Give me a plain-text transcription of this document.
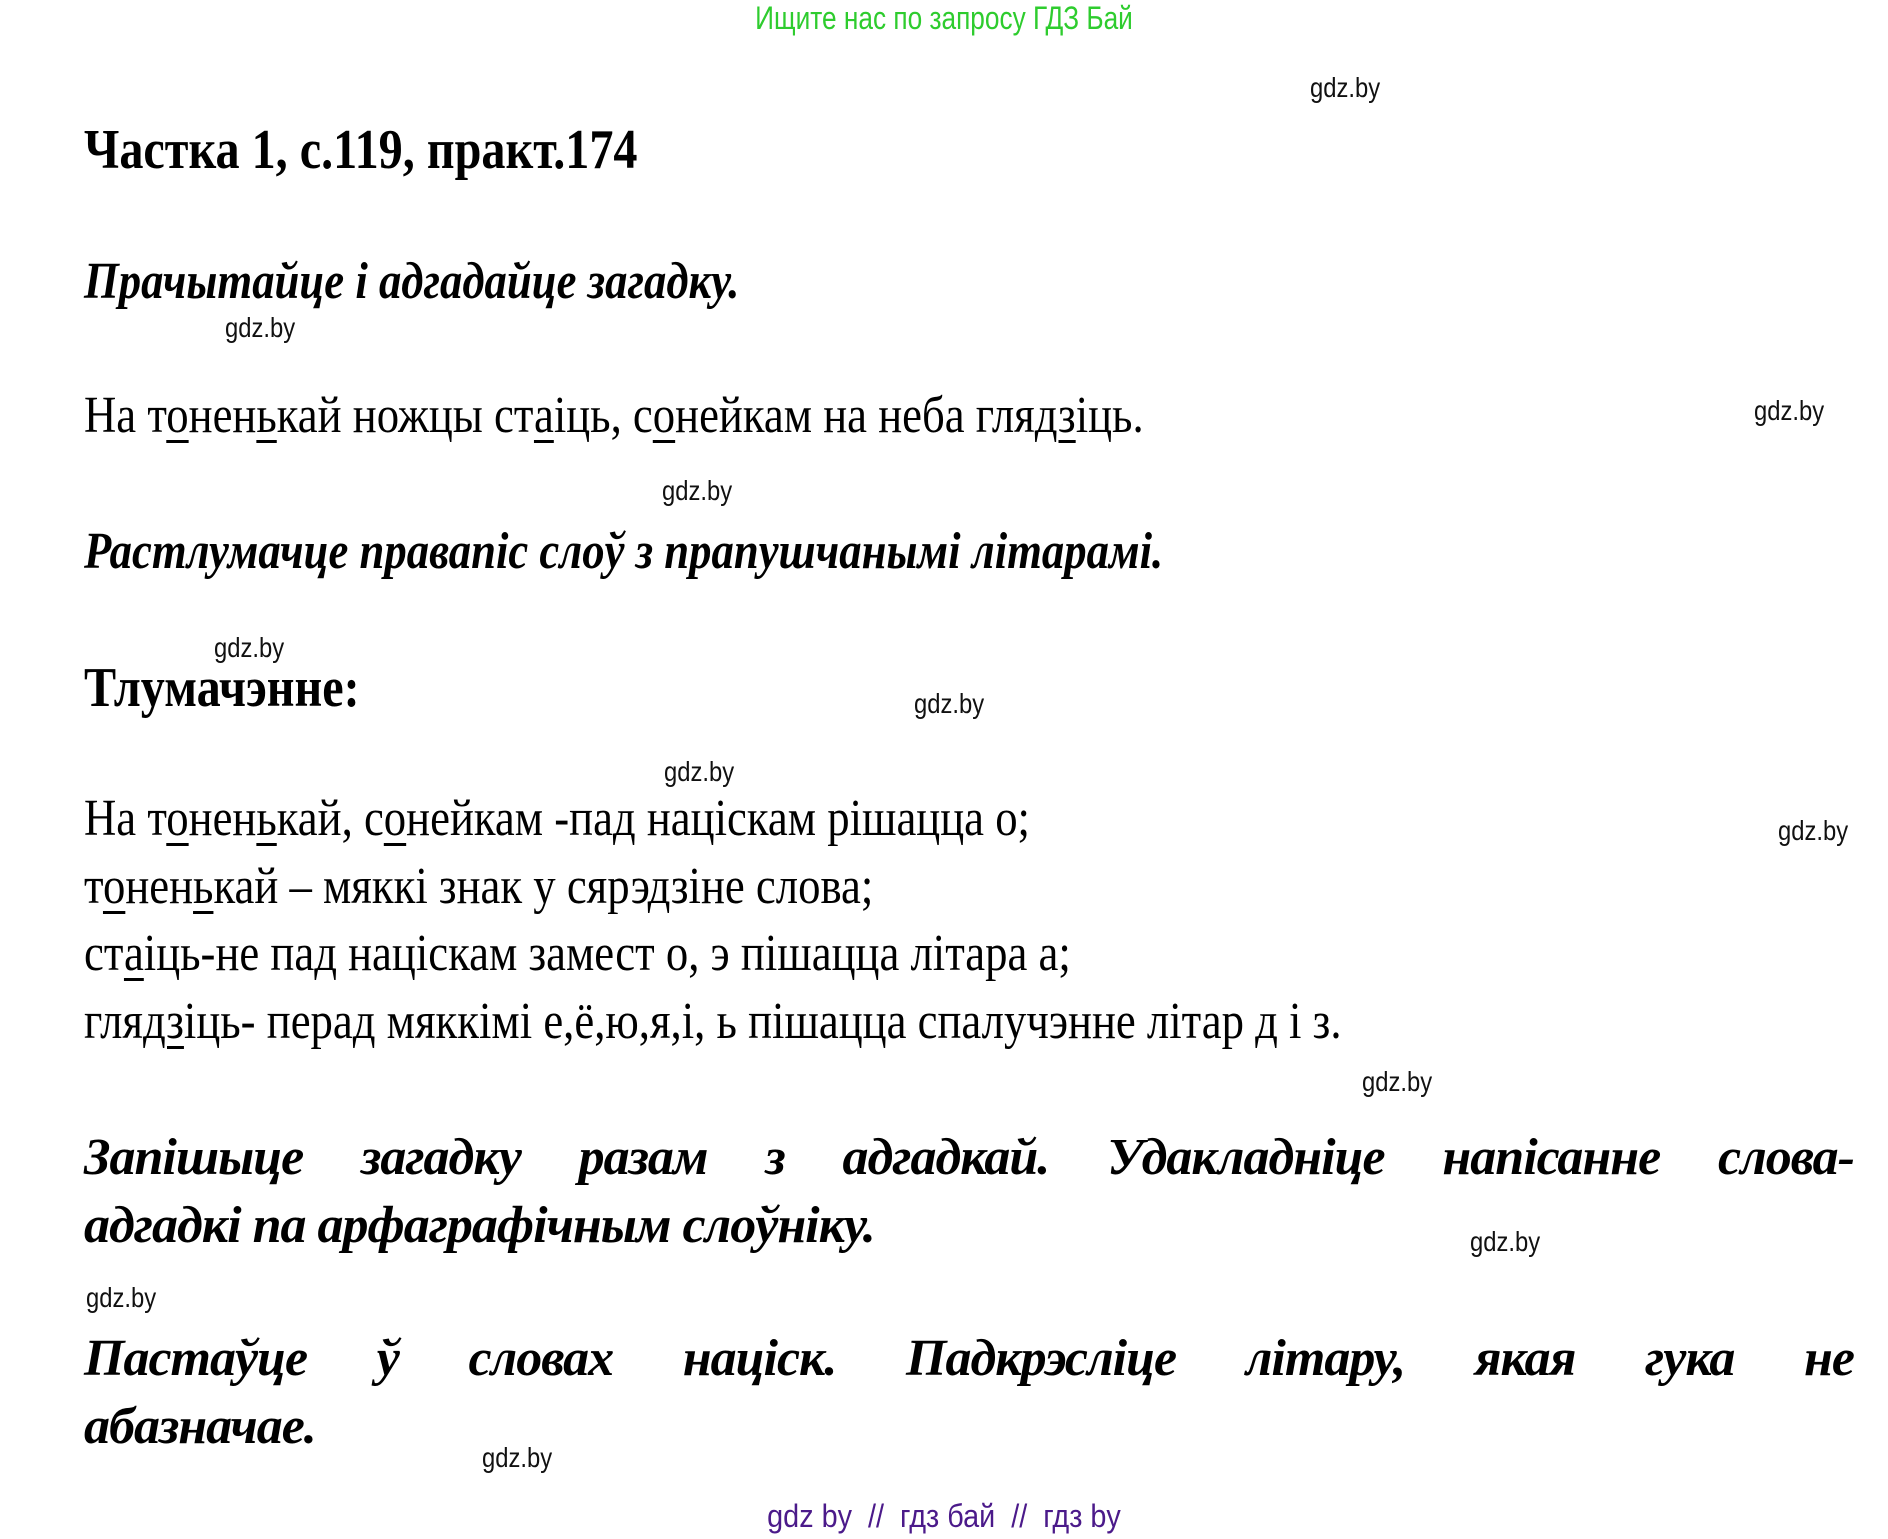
Ищите нас по запросу ГДЗ Бай
gdz.by
gdz.by
gdz.by
gdz.by
gdz.by
gdz.by
gdz.by
gdz.by
gdz.by
gdz.by
gdz.by
gdz.by
Частка 1, с.119, практ.174
Прачытайце і адгадайце загадку.
На тоненькай ножцы стаіць, сонейкам на неба глядзіць.
Растлумачце правапіс слоў з прапушчанымі літарамі.
Тлумачэнне:
На тоненькай, сонейкам -пад націскам рішацца о;
тоненькай – мяккі знак у сярэдзіне слова;
стаіць-не пад націскам замест о, э пішацца літара а;
глядзіць- перад мяккімі е,ё,ю,я,і, ь пішацца спалучэнне літар д і з.
Запішыце загадку разам з адгадкай. Удакладніце напісанне слова-
адгадкі па арфаграфічным слоўніку.
Пастаўце ў словах націск. Падкрэсліце літару, якая гука не
абазначае.
gdz by  //  гдз бай  //  гдз by
